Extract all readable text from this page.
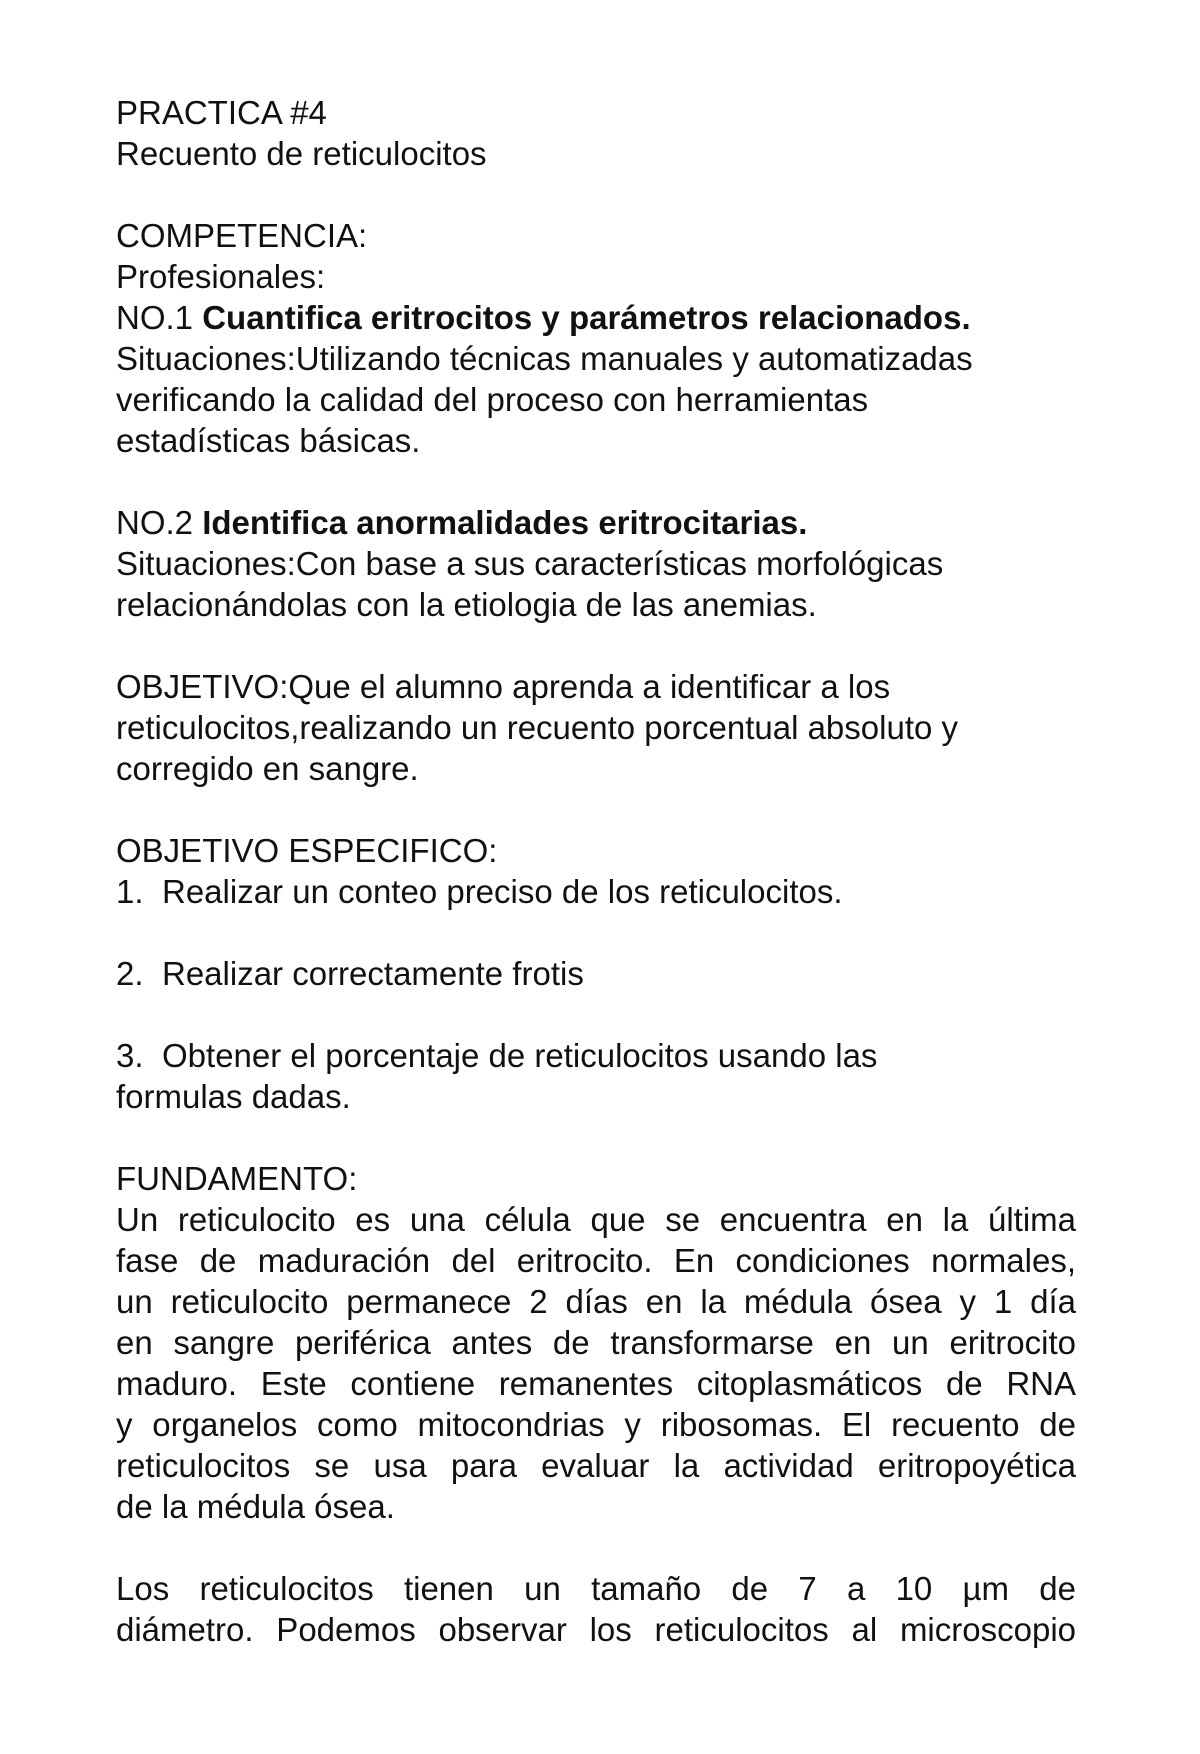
PRACTICA #4
Recuento de reticulocitos
COMPETENCIA:
Profesionales:
NO.1 Cuantifica eritrocitos y parámetros relacionados.
Situaciones:Utilizando técnicas manuales y automatizadas
verificando la calidad del proceso con herramientas
estadísticas básicas.
NO.2 Identifica anormalidades eritrocitarias.
Situaciones:Con base a sus características morfológicas
relacionándolas con la etiologia de las anemias.
OBJETIVO:Que el alumno aprenda a identificar a los
reticulocitos,realizando un recuento porcentual absoluto y
corregido en sangre.
OBJETIVO ESPECIFICO:
1. Realizar un conteo preciso de los reticulocitos.
2. Realizar correctamente frotis
3. Obtener el porcentaje de reticulocitos usando las
formulas dadas.
FUNDAMENTO:
Un reticulocito es una célula que se encuentra en la última
fase de maduración del eritrocito. En condiciones normales,
un reticulocito permanece 2 días en la médula ósea y 1 día
en sangre periférica antes de transformarse en un eritrocito
maduro. Este contiene remanentes citoplasmáticos de RNA
y organelos como mitocondrias y ribosomas. El recuento de
reticulocitos se usa para evaluar la actividad eritropoyética
de la médula ósea.
Los reticulocitos tienen un tamaño de 7 a 10 µm de
diámetro. Podemos observar los reticulocitos al microscopio
